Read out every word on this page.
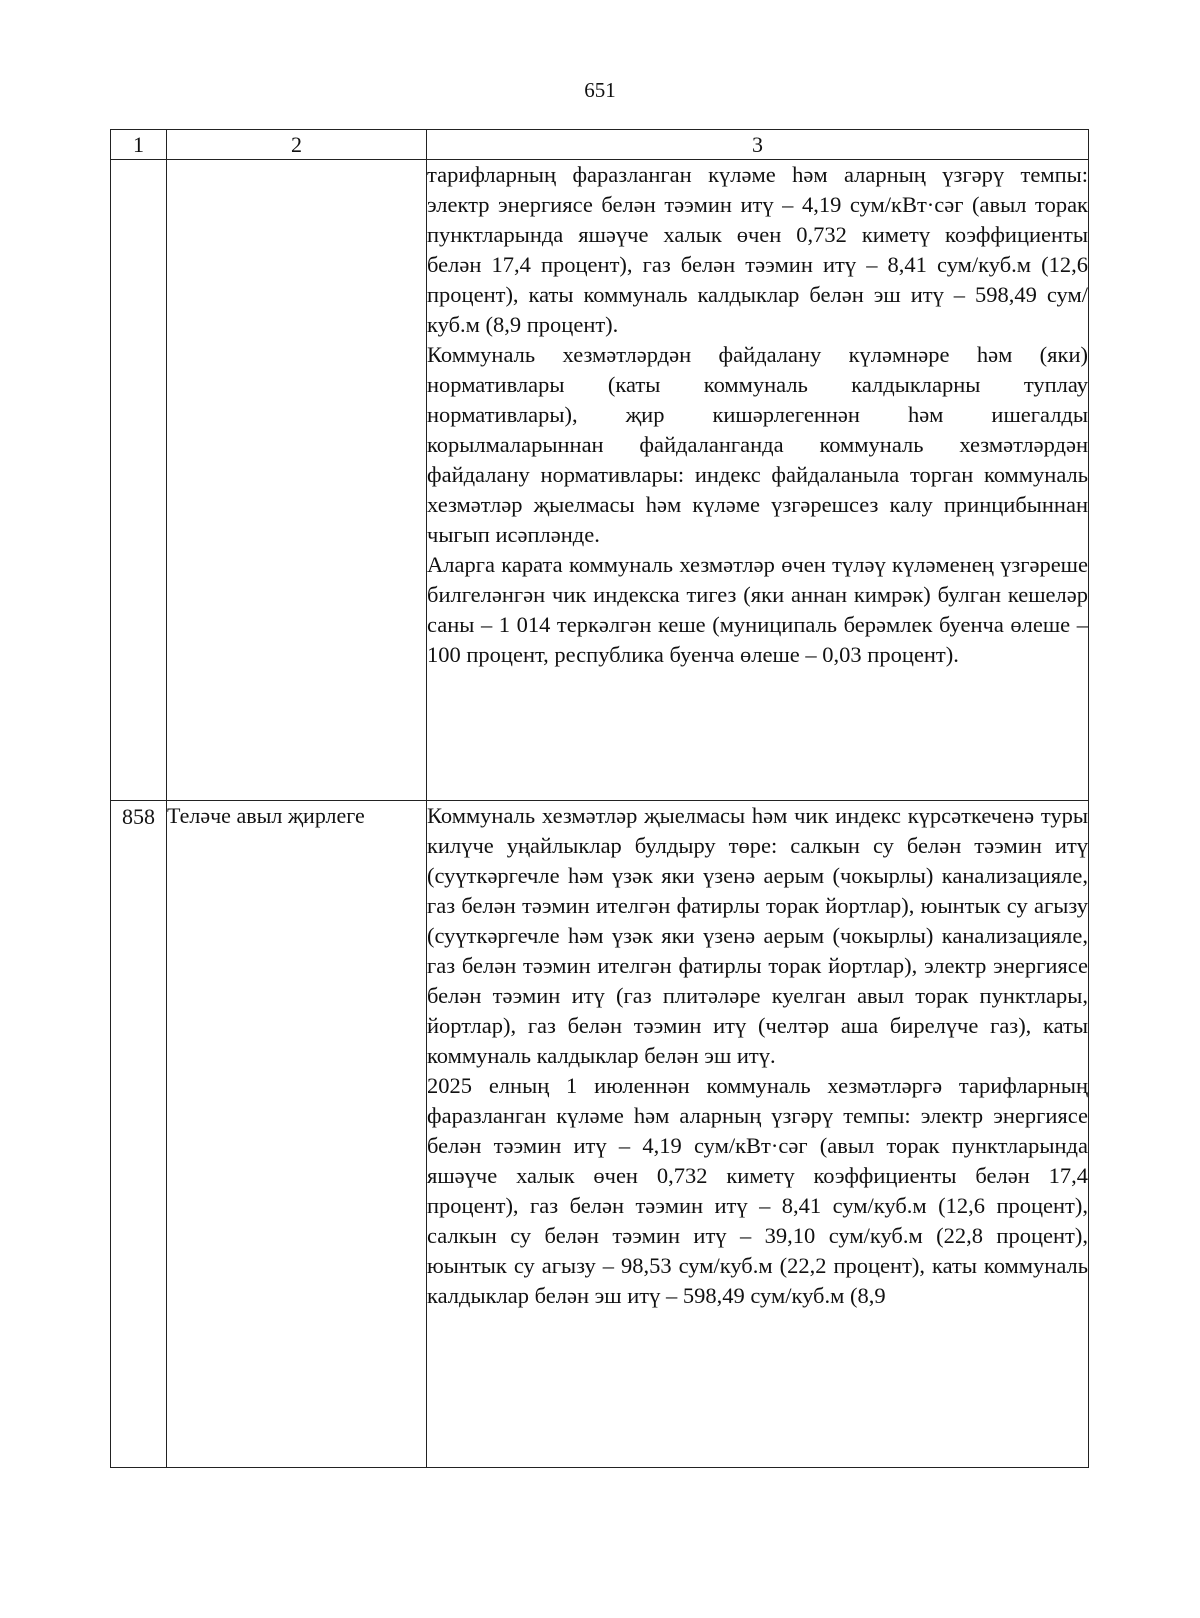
651
1	2	3

		тарифларның фаразланган күләме һәм аларның үзгәрү темпы: электр энергиясе белән тәэмин итү – 4,19 сум/кВт·сәг (авыл торак пунктларында яшәүче халык өчен 0,732 киметү коэффициенты белән 17,4 процент), газ белән тәэмин итү – 8,41 сум/куб.м (12,6 процент), каты коммуналь калдыклар белән эш итү – 598,49 сум/куб.м (8,9 процент).

Коммуналь хезмәтләрдән файдалану күләмнәре һәм (яки) нормативлары (каты коммуналь калдыкларны туплау нормативлары), җир кишәрлегеннән һәм ишегалды корылмаларыннан файдаланганда коммуналь хезмәтләрдән файдалану нормативлары: индекс файдаланыла торган коммуналь хезмәтләр җыелмасы һәм күләме үзгәрешсез калу принцибыннан чыгып исәпләнде.

Аларга карата коммуналь хезмәтләр өчен түләү күләменең үзгәреше билгеләнгән чик индекска тигез (яки аннан кимрәк) булган кешеләр саны – 1 014 теркәлгән кеше (муниципаль берәмлек буенча өлеше – 100 процент, республика буенча өлеше – 0,03 процент).

858	Теләче авыл җирлеге	Коммуналь хезмәтләр җыелмасы һәм чик индекс күрсәткеченә туры килүче уңайлыклар булдыру төре: салкын су белән тәэмин итү (суүткәргечле һәм үзәк яки үзенә аерым (чокырлы) канализацияле, газ белән тәэмин ителгән фатирлы торак йортлар), юынтык су агызу (суүткәргечле һәм үзәк яки үзенә аерым (чокырлы) канализацияле, газ белән тәэмин ителгән фатирлы торак йортлар), электр энергиясе белән тәэмин итү (газ плитәләре куелган авыл торак пунктлары, йортлар), газ белән тәэмин итү (челтәр аша бирелүче газ), каты коммуналь калдыклар белән эш итү.

2025 елның 1 июленнән коммуналь хезмәтләргә тарифларның фаразланган күләме һәм аларның үзгәрү темпы: электр энергиясе белән тәэмин итү – 4,19 сум/кВт·сәг (авыл торак пунктларында яшәүче халык өчен 0,732 киметү коэффициенты белән 17,4 процент), газ белән тәэмин итү – 8,41 сум/куб.м (12,6 процент), салкын су белән тәэмин итү – 39,10 сум/куб.м (22,8 процент), юынтык су агызу – 98,53 сум/куб.м (22,2 процент), каты коммуналь калдыклар белән эш итү – 598,49 сум/куб.м (8,9
